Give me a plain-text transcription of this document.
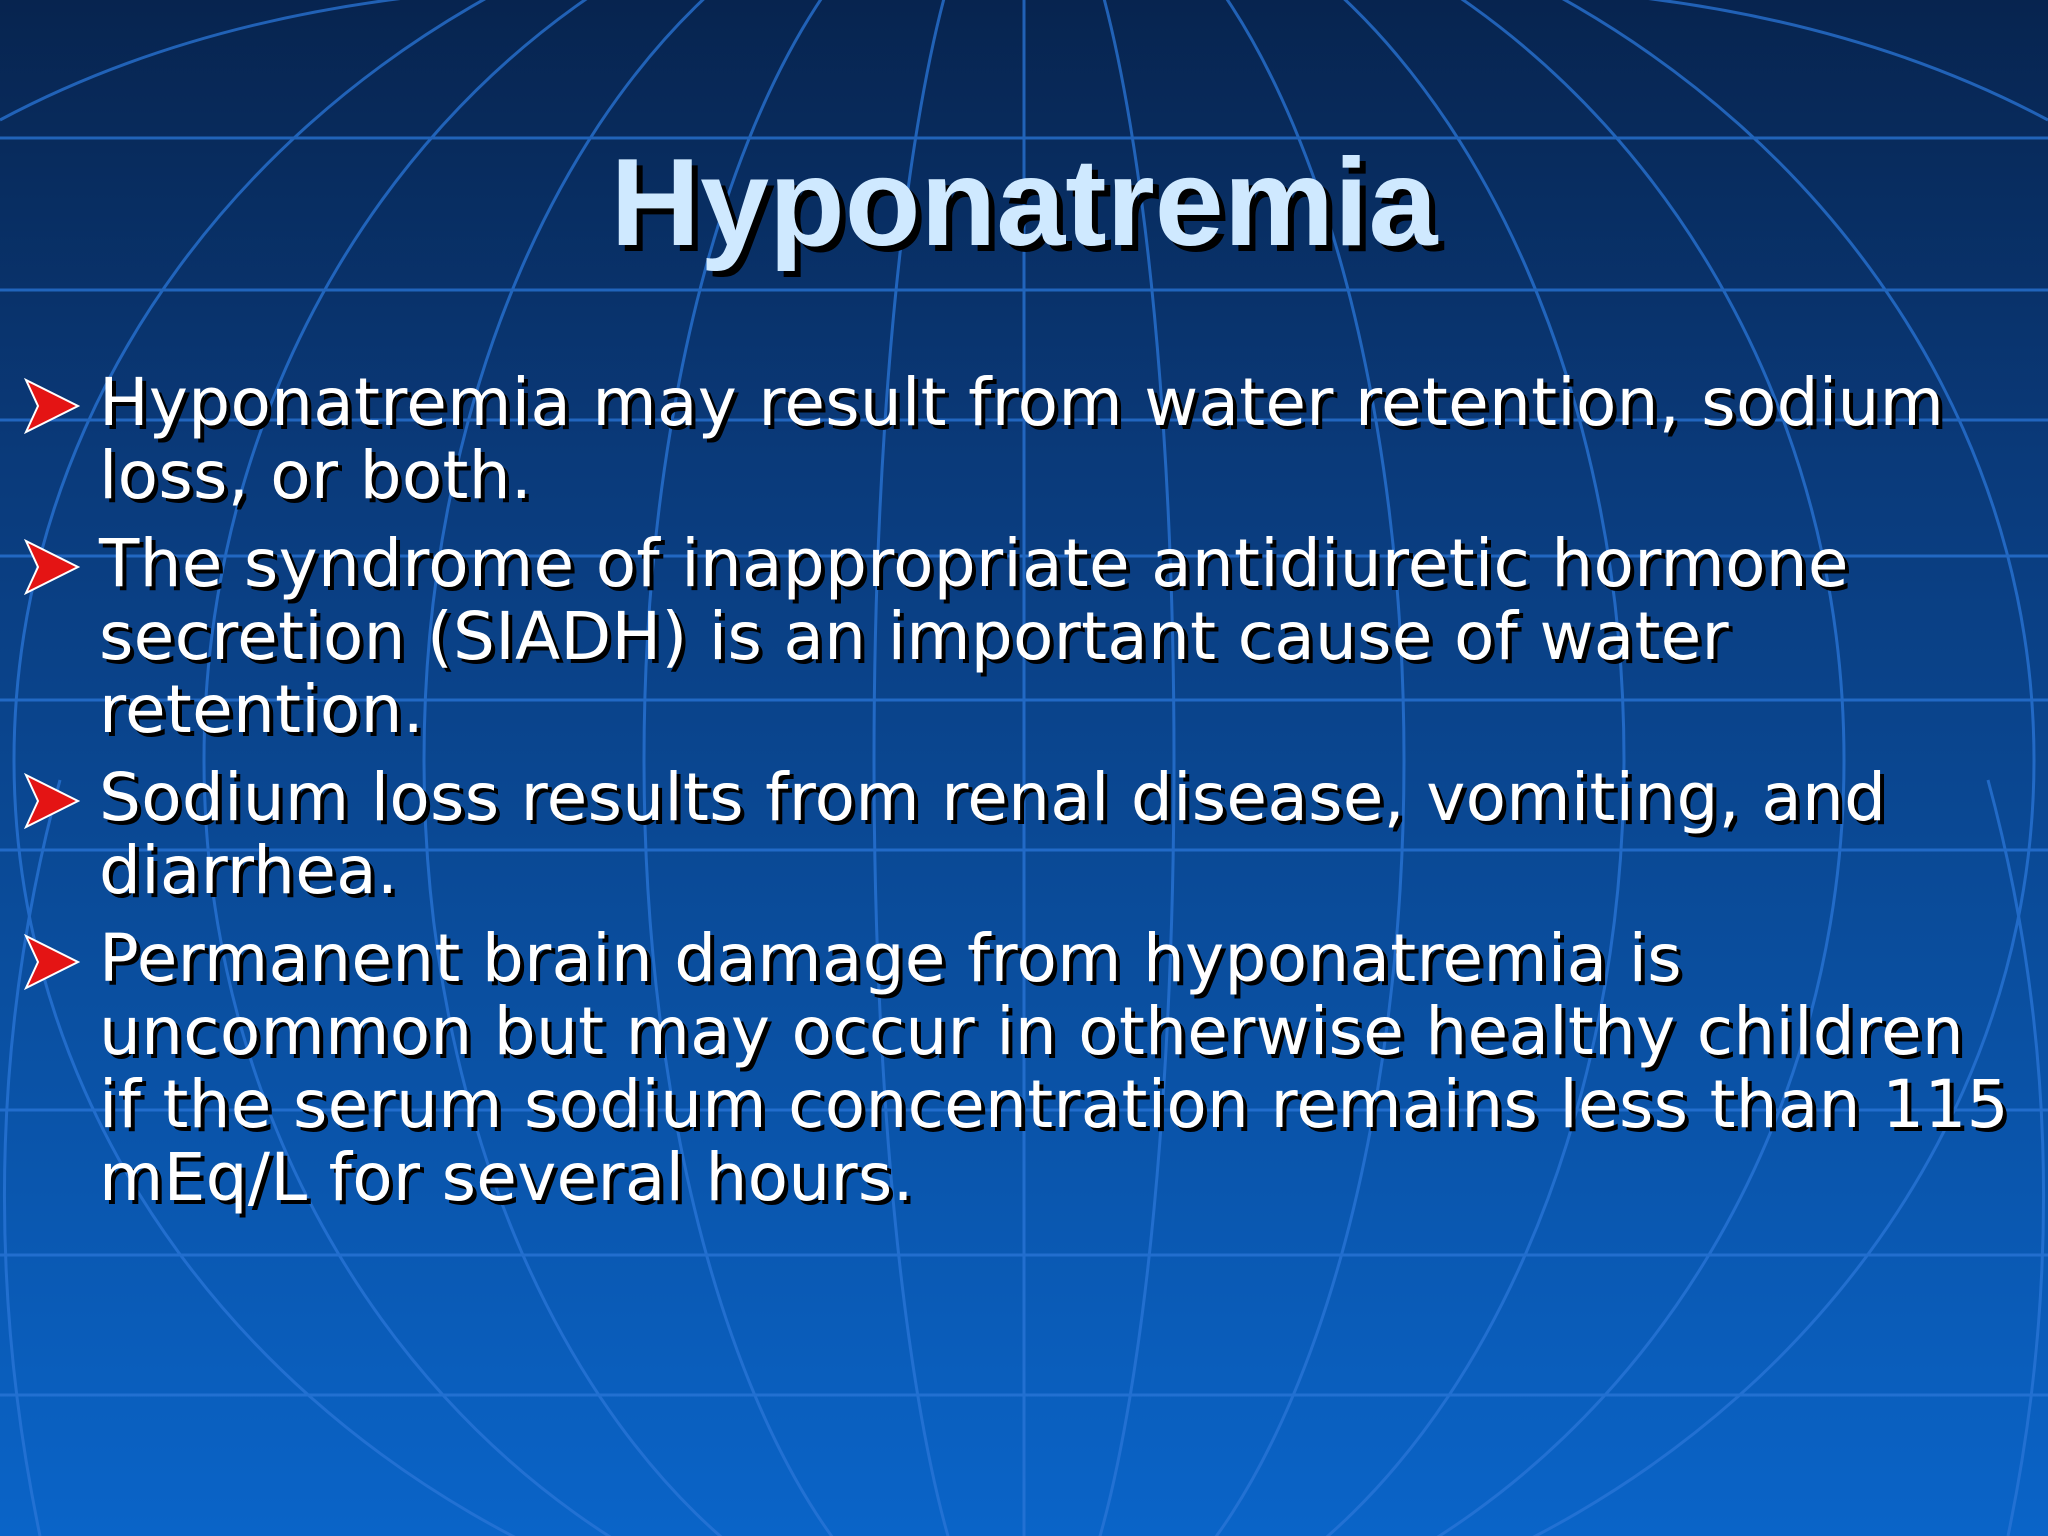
Hyponatremia
Hyponatremia may result from water retention, sodium loss, or both.
The syndrome of inappropriate antidiuretic hormone secretion (SIADH) is an important cause of water retention.
Sodium loss results from renal disease, vomiting, and diarrhea.
Permanent brain damage from hyponatremia is uncommon but may occur in otherwise healthy children if the serum sodium concentration remains less than 115 mEq/L for several hours.
